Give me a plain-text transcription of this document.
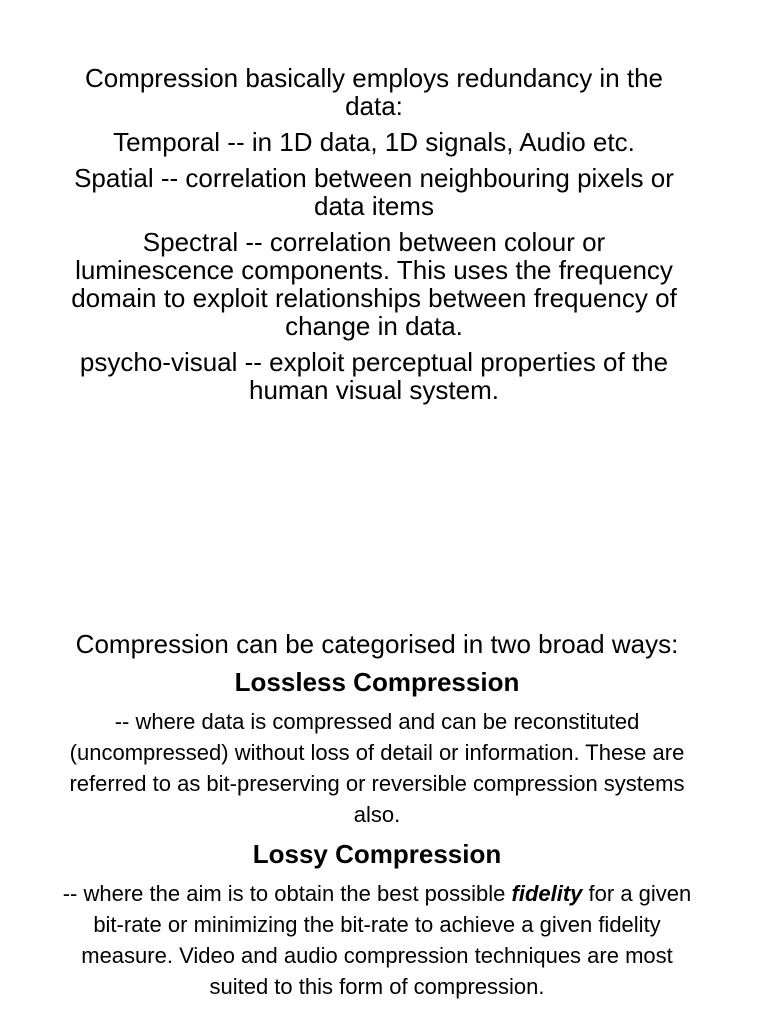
Compression basically employs redundancy in the data:

Temporal -- in 1D data, 1D signals, Audio etc.

Spatial -- correlation between neighbouring pixels or data items

Spectral -- correlation between colour or luminescence components. This uses the frequency domain to exploit relationships between frequency of change in data.

psycho-visual -- exploit perceptual properties of the human visual system.

Compression can be categorised in two broad ways:

Lossless Compression

-- where data is compressed and can be reconstituted (uncompressed) without loss of detail or information. These are referred to as bit-preserving or reversible compression systems also.

Lossy Compression

-- where the aim is to obtain the best possible fidelity for a given bit-rate or minimizing the bit-rate to achieve a given fidelity measure. Video and audio compression techniques are most suited to this form of compression.
